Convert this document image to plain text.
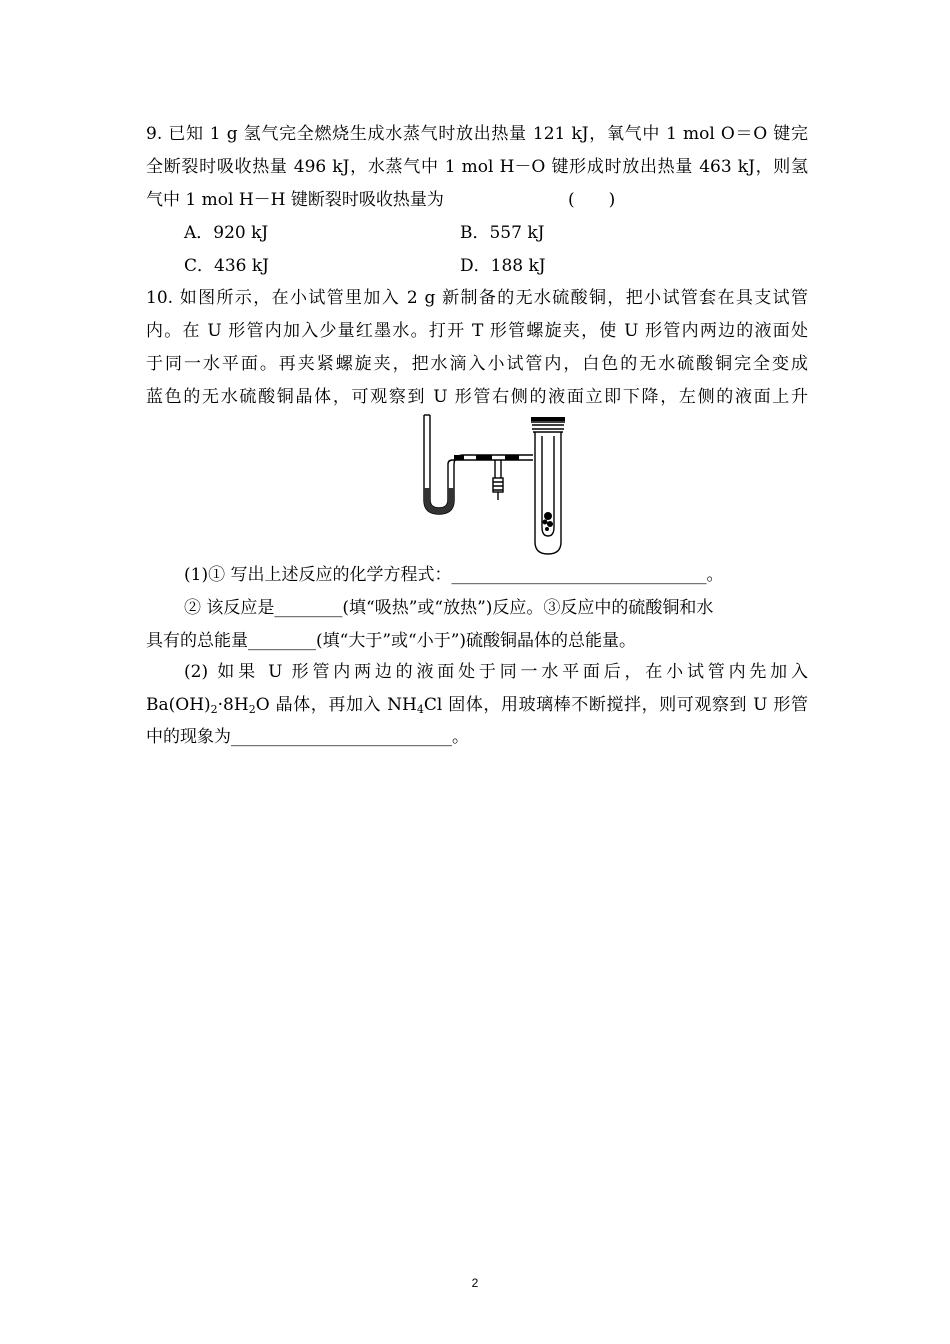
9. 已知 1 g 氢气完全燃烧生成水蒸气时放出热量 121 kJ，氧气中 1 mol O＝O 键完
全断裂时吸收热量 496 kJ，水蒸气中 1 mol H－O 键形成时放出热量 463 kJ，则氢
气中 1 mol H－H 键断裂时吸收热量为	(　　)
A．920 kJ	B．557 kJ
C．436 kJ	D．188 kJ
10. 如图所示，在小试管里加入 2 g 新制备的无水硫酸铜，把小试管套在具支试管
内。在 U 形管内加入少量红墨水。打开 T 形管螺旋夹，使 U 形管内两边的液面处
于同一水平面。再夹紧螺旋夹，把水滴入小试管内，白色的无水硫酸铜完全变成
蓝色的无水硫酸铜晶体，可观察到 U 形管右侧的液面立即下降，左侧的液面上升
(1)① 写出上述反应的化学方程式：______________________________。
② 该反应是________(填“吸热”或“放热”)反应。③反应中的硫酸铜和水
具有的总能量________(填“大于”或“小于”)硫酸铜晶体的总能量。
(2) 如果 U 形管内两边的液面处于同一水平面后，在小试管内先加入
$Ba(OH)_2\cdot 8H_2O$ 晶体，再加入 $NH_4Cl$ 固体，用玻璃棒不断搅拌，则可观察到 U 形管
中的现象为__________________________。
2
